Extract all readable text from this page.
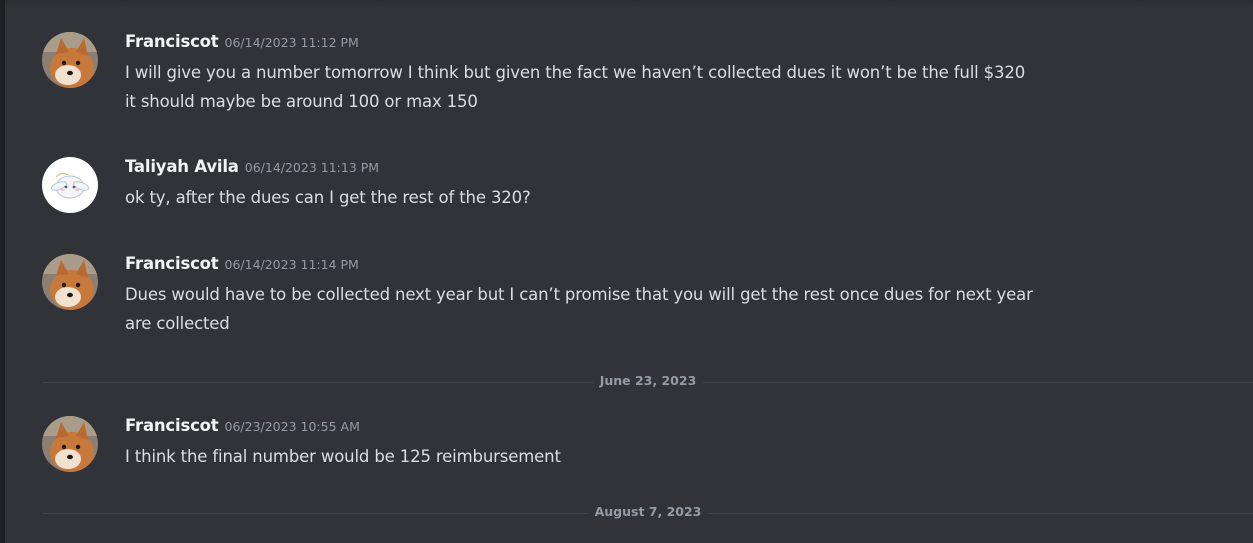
Franciscot 06/14/2023 11:12 PM
I will give you a number tomorrow I think but given the fact we haven’t collected dues it won’t be the full $320
it should maybe be around 100 or max 150
Taliyah Avila 06/14/2023 11:13 PM
ok ty, after the dues can I get the rest of the 320?
Franciscot 06/14/2023 11:14 PM
Dues would have to be collected next year but I can’t promise that you will get the rest once dues for next year
are collected
June 23, 2023
Franciscot 06/23/2023 10:55 AM
I think the final number would be 125 reimbursement
August 7, 2023
